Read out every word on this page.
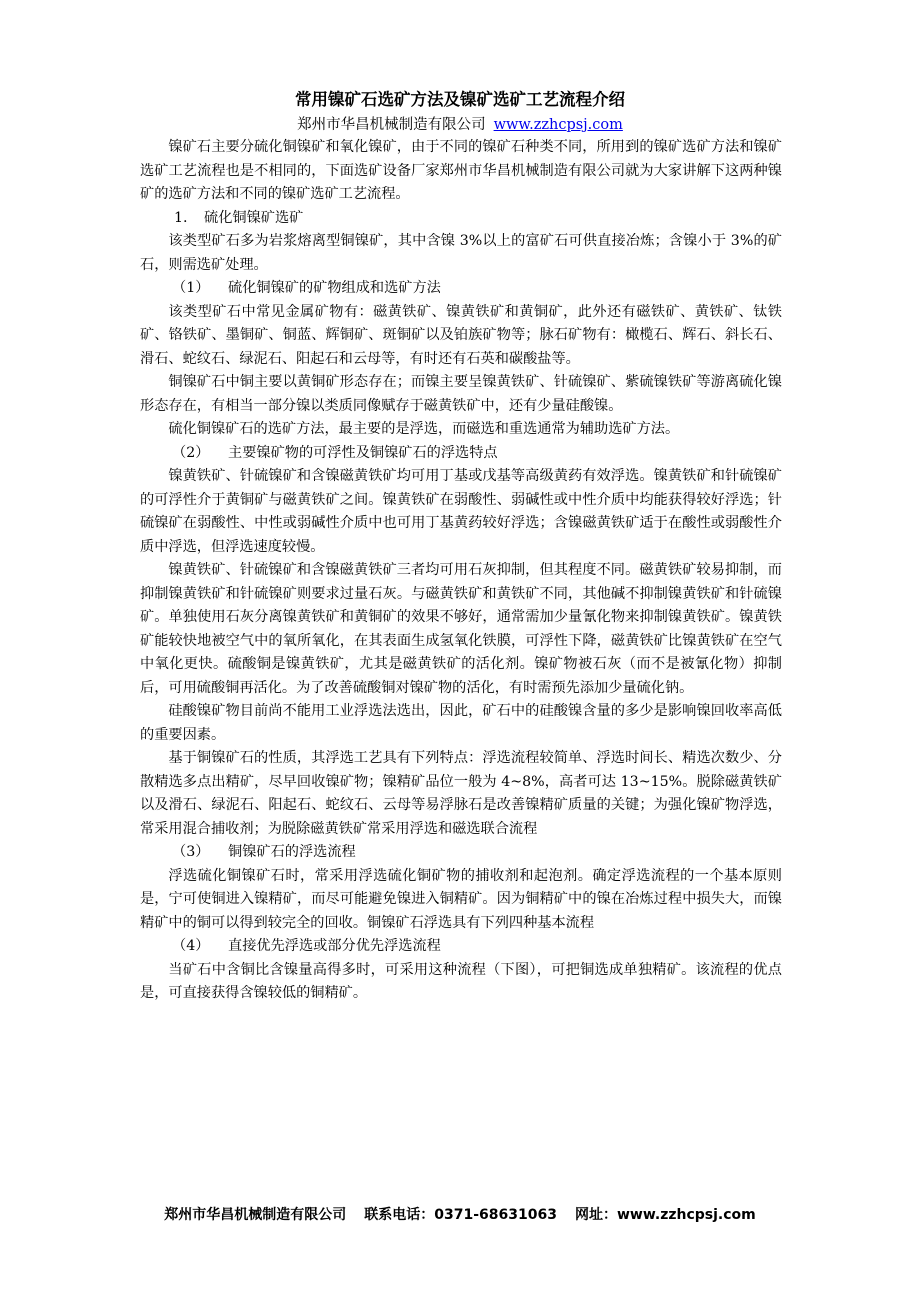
常用镍矿石选矿方法及镍矿选矿工艺流程介绍
郑州市华昌机械制造有限公司 www.zzhcpsj.com

镍矿石主要分硫化铜镍矿和氧化镍矿，由于不同的镍矿石种类不同，所用到的镍矿选矿方法和镍矿选矿工艺流程也是不相同的，下面选矿设备厂家郑州市华昌机械制造有限公司就为大家讲解下这两种镍矿的选矿方法和不同的镍矿选矿工艺流程。

1. 硫化铜镍矿选矿

该类型矿石多为岩浆熔离型铜镍矿，其中含镍 3%以上的富矿石可供直接冶炼；含镍小于 3%的矿石，则需选矿处理。

（1） 硫化铜镍矿的矿物组成和选矿方法

该类型矿石中常见金属矿物有：磁黄铁矿、镍黄铁矿和黄铜矿，此外还有磁铁矿、黄铁矿、钛铁矿、铬铁矿、墨铜矿、铜蓝、辉铜矿、斑铜矿以及铂族矿物等；脉石矿物有：橄榄石、辉石、斜长石、滑石、蛇纹石、绿泥石、阳起石和云母等，有时还有石英和碳酸盐等。

铜镍矿石中铜主要以黄铜矿形态存在；而镍主要呈镍黄铁矿、针硫镍矿、紫硫镍铁矿等游离硫化镍形态存在，有相当一部分镍以类质同像赋存于磁黄铁矿中，还有少量硅酸镍。

硫化铜镍矿石的选矿方法，最主要的是浮选，而磁选和重选通常为辅助选矿方法。

（2） 主要镍矿物的可浮性及铜镍矿石的浮选特点

镍黄铁矿、针硫镍矿和含镍磁黄铁矿均可用丁基或戊基等高级黄药有效浮选。镍黄铁矿和针硫镍矿的可浮性介于黄铜矿与磁黄铁矿之间。镍黄铁矿在弱酸性、弱碱性或中性介质中均能获得较好浮选；针硫镍矿在弱酸性、中性或弱碱性介质中也可用丁基黄药较好浮选；含镍磁黄铁矿适于在酸性或弱酸性介质中浮选，但浮选速度较慢。

镍黄铁矿、针硫镍矿和含镍磁黄铁矿三者均可用石灰抑制，但其程度不同。磁黄铁矿较易抑制，而抑制镍黄铁矿和针硫镍矿则要求过量石灰。与磁黄铁矿和黄铁矿不同，其他碱不抑制镍黄铁矿和针硫镍矿。单独使用石灰分离镍黄铁矿和黄铜矿的效果不够好，通常需加少量氰化物来抑制镍黄铁矿。镍黄铁矿能较快地被空气中的氧所氧化，在其表面生成氢氧化铁膜，可浮性下降，磁黄铁矿比镍黄铁矿在空气中氧化更快。硫酸铜是镍黄铁矿，尤其是磁黄铁矿的活化剂。镍矿物被石灰（而不是被氰化物）抑制后，可用硫酸铜再活化。为了改善硫酸铜对镍矿物的活化，有时需预先添加少量硫化钠。

硅酸镍矿物目前尚不能用工业浮选法选出，因此，矿石中的硅酸镍含量的多少是影响镍回收率高低的重要因素。

基于铜镍矿石的性质，其浮选工艺具有下列特点：浮选流程较简单、浮选时间长、精选次数少、分散精选多点出精矿，尽早回收镍矿物；镍精矿品位一般为 4~8%，高者可达 13~15%。脱除磁黄铁矿以及滑石、绿泥石、阳起石、蛇纹石、云母等易浮脉石是改善镍精矿质量的关键；为强化镍矿物浮选，常采用混合捕收剂；为脱除磁黄铁矿常采用浮选和磁选联合流程

（3） 铜镍矿石的浮选流程

浮选硫化铜镍矿石时，常采用浮选硫化铜矿物的捕收剂和起泡剂。确定浮选流程的一个基本原则是，宁可使铜进入镍精矿，而尽可能避免镍进入铜精矿。因为铜精矿中的镍在冶炼过程中损失大，而镍精矿中的铜可以得到较完全的回收。铜镍矿石浮选具有下列四种基本流程

（4） 直接优先浮选或部分优先浮选流程

当矿石中含铜比含镍量高得多时，可采用这种流程（下图），可把铜选成单独精矿。该流程的优点是，可直接获得含镍较低的铜精矿。

郑州市华昌机械制造有限公司 联系电话：0371-68631063 网址：www.zzhcpsj.com
